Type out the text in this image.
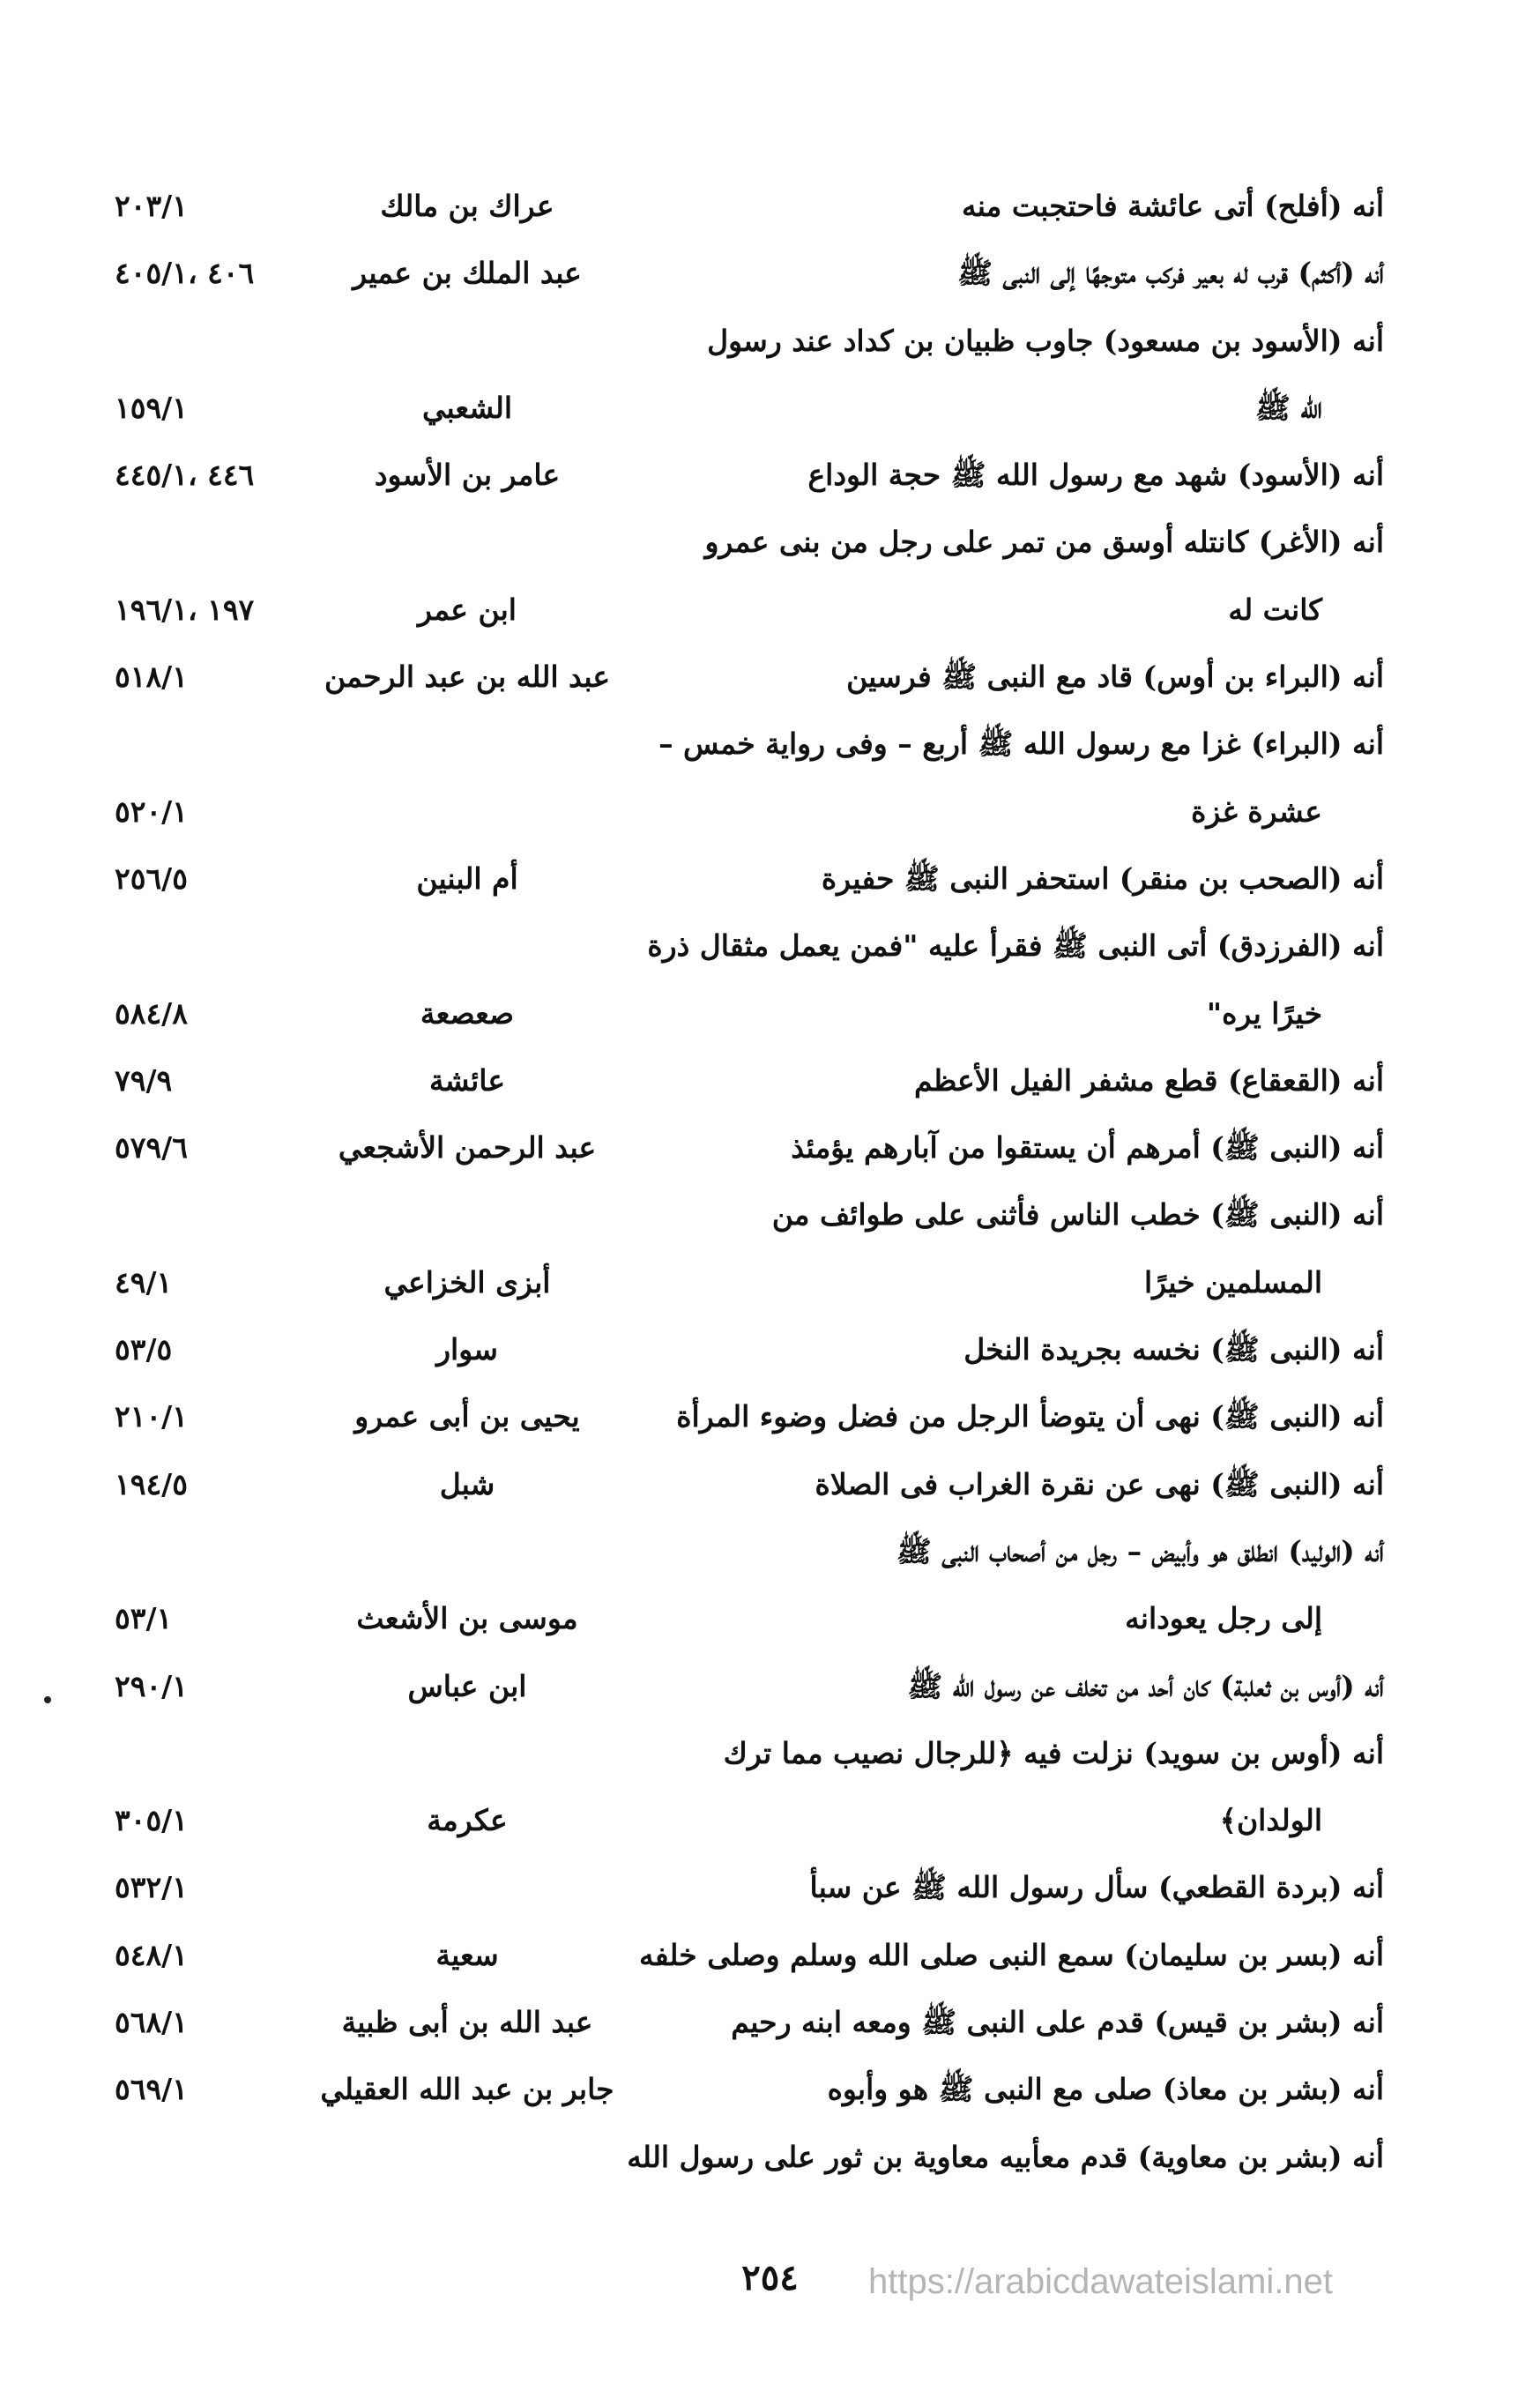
أنه (أفلح) أتى عائشة فاحتجبت منه
عراك بن مالك
٢٠٣/١
أنه (أكثم) قرب له بعير فركب متوجهًا إلى النبى ﷺ
عبد الملك بن عمير
٤٠٦ ،٤٠٥/١
أنه (الأسود بن مسعود) جاوب ظبيان بن كداد عند رسول
الله ﷺ
الشعبي
١٥٩/١
أنه (الأسود) شهد مع رسول الله ﷺ حجة الوداع
عامر بن الأسود
٤٤٦ ،٤٤٥/١
أنه (الأغر) كانتله أوسق من تمر على رجل من بنى عمرو
كانت له
ابن عمر
١٩٧ ،١٩٦/١
أنه (البراء بن أوس) قاد مع النبى ﷺ فرسين
عبد الله بن عبد الرحمن
٥١٨/١
أنه (البراء) غزا مع رسول الله ﷺ أربع – وفى رواية خمس –
عشرة غزة
٥٢٠/١
أنه (الصحب بن منقر) استحفر النبى ﷺ حفيرة
أم البنين
٢٥٦/٥
أنه (الفرزدق) أتى النبى ﷺ فقرأ عليه "فمن يعمل مثقال ذرة
خيرًا يره"
صعصعة
٥٨٤/٨
أنه (القعقاع) قطع مشفر الفيل الأعظم
عائشة
٧٩/٩
أنه (النبى ﷺ) أمرهم أن يستقوا من آبارهم يؤمئذ
عبد الرحمن الأشجعي
٥٧٩/٦
أنه (النبى ﷺ) خطب الناس فأثنى على طوائف من
المسلمين خيرًا
أبزى الخزاعي
٤٩/١
أنه (النبى ﷺ) نخسه بجريدة النخل
سوار
٥٣/٥
أنه (النبى ﷺ) نهى أن يتوضأ الرجل من فضل وضوء المرأة
يحيى بن أبى عمرو
٢١٠/١
أنه (النبى ﷺ) نهى عن نقرة الغراب فى الصلاة
شبل
١٩٤/٥
أنه (الوليد) انطلق هو وأبيض – رجل من أصحاب النبى ﷺ
إلى رجل يعودانه
موسى بن الأشعث
٥٣/١
أنه (أوس بن ثعلبة) كان أحد من تخلف عن رسول الله ﷺ
ابن عباس
٢٩٠/١
أنه (أوس بن سويد) نزلت فيه ﴿للرجال نصيب مما ترك
الولدان﴾
عكرمة
٣٠٥/١
أنه (بردة القطعي) سأل رسول الله ﷺ عن سبأ
٥٣٢/١
أنه (بسر بن سليمان) سمع النبى صلى الله وسلم وصلى خلفه
سعية
٥٤٨/١
أنه (بشر بن قيس) قدم على النبى ﷺ ومعه ابنه رحيم
عبد الله بن أبى ظبية
٥٦٨/١
أنه (بشر بن معاذ) صلى مع النبى ﷺ هو وأبوه
جابر بن عبد الله العقيلي
٥٦٩/١
أنه (بشر بن معاوية) قدم معأبيه معاوية بن ثور على رسول الله
٢٥٤	https://arabicdawateislami.net
